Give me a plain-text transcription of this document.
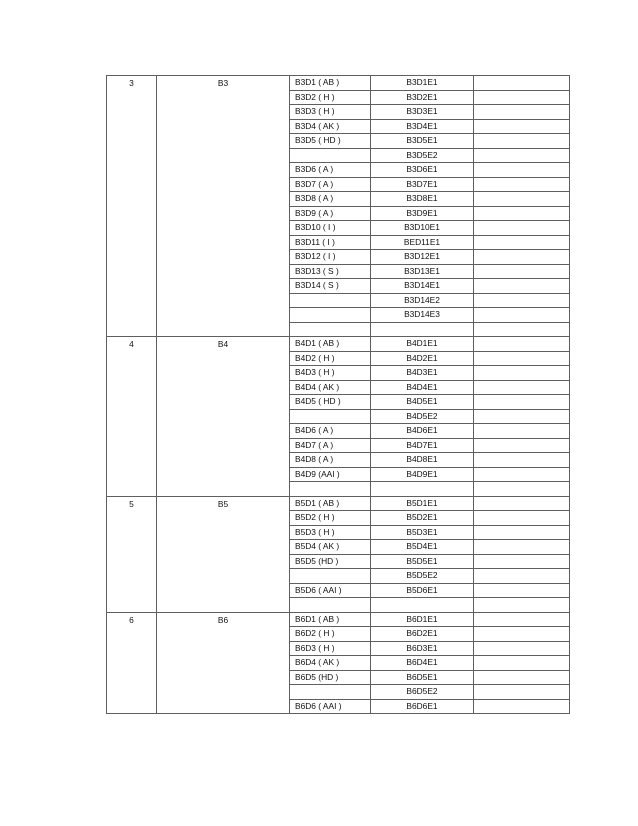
3	B3	B3D1 ( AB )	B3D1E1	
		B3D2 ( H )	B3D2E1	
		B3D3 ( H )	B3D3E1	
		B3D4 ( AK )	B3D4E1	
		B3D5 ( HD )	B3D5E1	
			B3D5E2	
		B3D6 ( A )	B3D6E1	
		B3D7 ( A )	B3D7E1	
		B3D8 ( A )	B3D8E1	
		B3D9 ( A )	B3D9E1	
		B3D10 ( I )	B3D10E1	
		B3D11 ( I )	BED11E1	
		B3D12 ( I )	B3D12E1	
		B3D13 ( S )	B3D13E1	
		B3D14 ( S )	B3D14E1	
			B3D14E2	
			B3D14E3	

4	B4	B4D1 ( AB )	B4D1E1	
		B4D2 ( H )	B4D2E1	
		B4D3 ( H )	B4D3E1	
		B4D4 ( AK )	B4D4E1	
		B4D5 ( HD )	B4D5E1	
			B4D5E2	
		B4D6 ( A )	B4D6E1	
		B4D7 ( A )	B4D7E1	
		B4D8 ( A )	B4D8E1	
		B4D9 (AAI )	B4D9E1	

5	B5	B5D1 ( AB )	B5D1E1	
		B5D2 ( H )	B5D2E1	
		B5D3 ( H )	B5D3E1	
		B5D4 ( AK )	B5D4E1	
		B5D5 (HD )	B5D5E1	
			B5D5E2	
		B5D6 ( AAI )	B5D6E1	

6	B6	B6D1 ( AB )	B6D1E1	
		B6D2 ( H )	B6D2E1	
		B6D3 ( H )	B6D3E1	
		B6D4 ( AK )	B6D4E1	
		B6D5 (HD )	B6D5E1	
			B6D5E2	
		B6D6 ( AAI )	B6D6E1	
